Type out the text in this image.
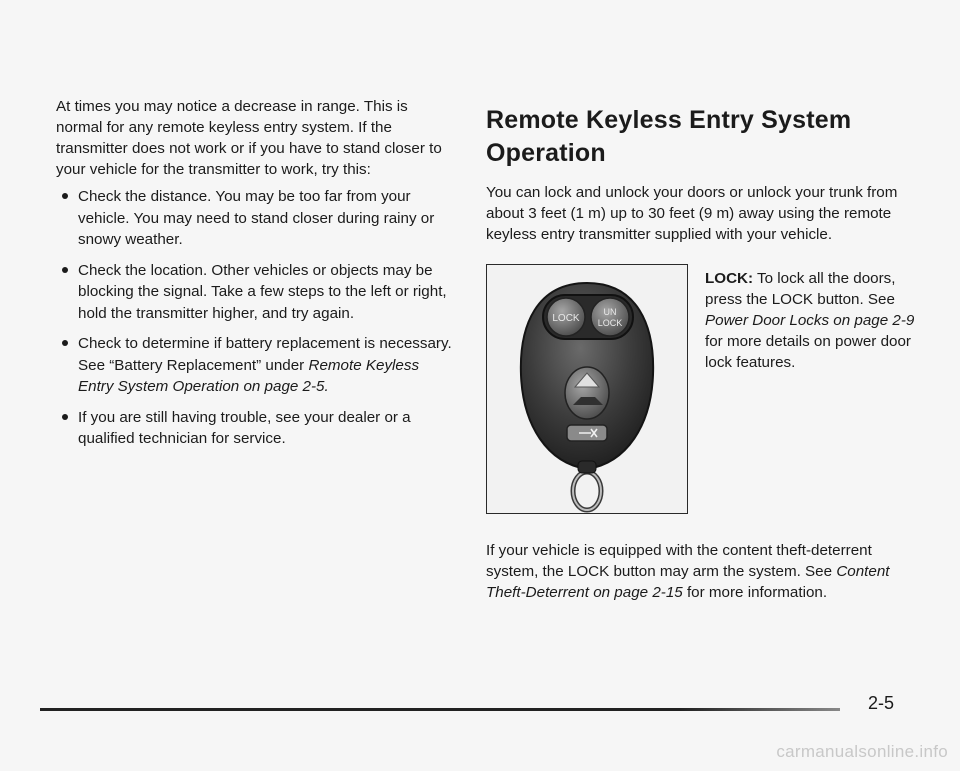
At times you may notice a decrease in range. This is normal for any remote keyless entry system. If the transmitter does not work or if you have to stand closer to your vehicle for the transmitter to work, try this:

Check the distance. You may be too far from your vehicle. You may need to stand closer during rainy or snowy weather.
Check the location. Other vehicles or objects may be blocking the signal. Take a few steps to the left or right, hold the transmitter higher, and try again.
Check to determine if battery replacement is necessary. See “Battery Replacement” under Remote Keyless Entry System Operation on page 2-5.
If you are still having trouble, see your dealer or a qualified technician for service.
Remote Keyless Entry System Operation

You can lock and unlock your doors or unlock your trunk from about 3 feet (1 m) up to 30 feet (9 m) away using the remote keyless entry transmitter supplied with your vehicle.

LOCK
UN
LOCK

LOCK: To lock all the doors, press the LOCK button. See Power Door Locks on page 2-9 for more details on power door lock features.

If your vehicle is equipped with the content theft-deterrent system, the LOCK button may arm the system. See Content Theft-Deterrent on page 2-15 for more information.

2-5
carmanualsonline.info
